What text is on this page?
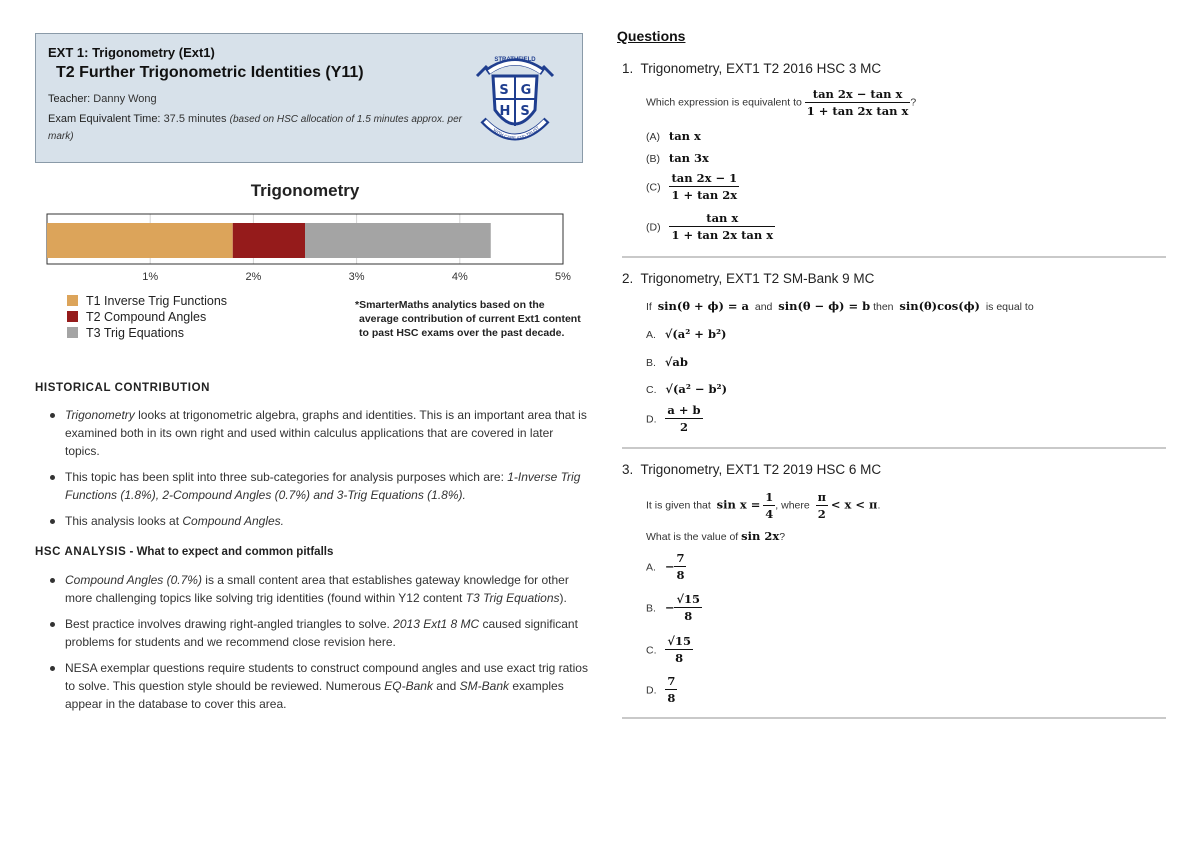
EXT 1: Trigonometry (Ext1)
T2 Further Trigonometric Identities (Y11)
Teacher: Danny Wong
Exam Equivalent Time: 37.5 minutes (based on HSC allocation of 1.5 minutes approx. per mark)
STRATHFIELD
S G
H S
WITH CARE AND TRUST
Trigonometry
1%	2%	3%	4%	5%
T1 Inverse Trig Functions
T2 Compound Angles
T3 Trig Equations
*SmarterMaths analytics based on the average contribution of current Ext1 content to past HSC exams over the past decade.
HISTORICAL CONTRIBUTION
Trigonometry looks at trigonometric algebra, graphs and identities. This is an important area that is examined both in its own right and used within calculus applications that are covered in later topics.
This topic has been split into three sub-categories for analysis purposes which are: 1-Inverse Trig Functions (1.8%), 2-Compound Angles (0.7%) and 3-Trig Equations (1.8%).
This analysis looks at Compound Angles.
HSC ANALYSIS - What to expect and common pitfalls
Compound Angles (0.7%) is a small content area that establishes gateway knowledge for other more challenging topics like solving trig identities (found within Y12 content T3 Trig Equations).
Best practice involves drawing right-angled triangles to solve. 2013 Ext1 8 MC caused significant problems for students and we recommend close revision here.
NESA exemplar questions require students to construct compound angles and use exact trig ratios to solve. This question style should be reviewed. Numerous EQ-Bank and SM-Bank examples appear in the database to cover this area.
Questions
1. Trigonometry, EXT1 T2 2016 HSC 3 MC
Which expression is equivalent to $\frac{\text{tan 2x − tan x}}{\text{1 + tan 2x tan x}}$ ?
(A) tan x
(B) tan 3x
$(C) \frac{\tan 2x - 1}{1 + \tan 2x}$
$(D) \frac{\text{tan x}}{\text{1 + tan 2x tan x}}$
2. Trigonometry, EXT1 T2 SM-Bank 9 MC
If sin(θ + ϕ) = a and sin(θ − ϕ) = b then sin(θ)cos(ϕ) is equal to
A. √(a² + b²)
B. √ab
C. √(a² − b²)
D. $\frac{a + b}{2}$
3. Trigonometry, EXT1 T2 2019 HSC 6 MC
It is given that $\sin x = \frac{1}{4}$ , where $\frac{\pi}{2} < x < \pi$.
What is the value of sin 2x?
A. − $\frac{7}{8}$
B. − $\frac{√15}{8}$
C. $\frac{√15}{8}$
D. $\frac{7}{8}$
